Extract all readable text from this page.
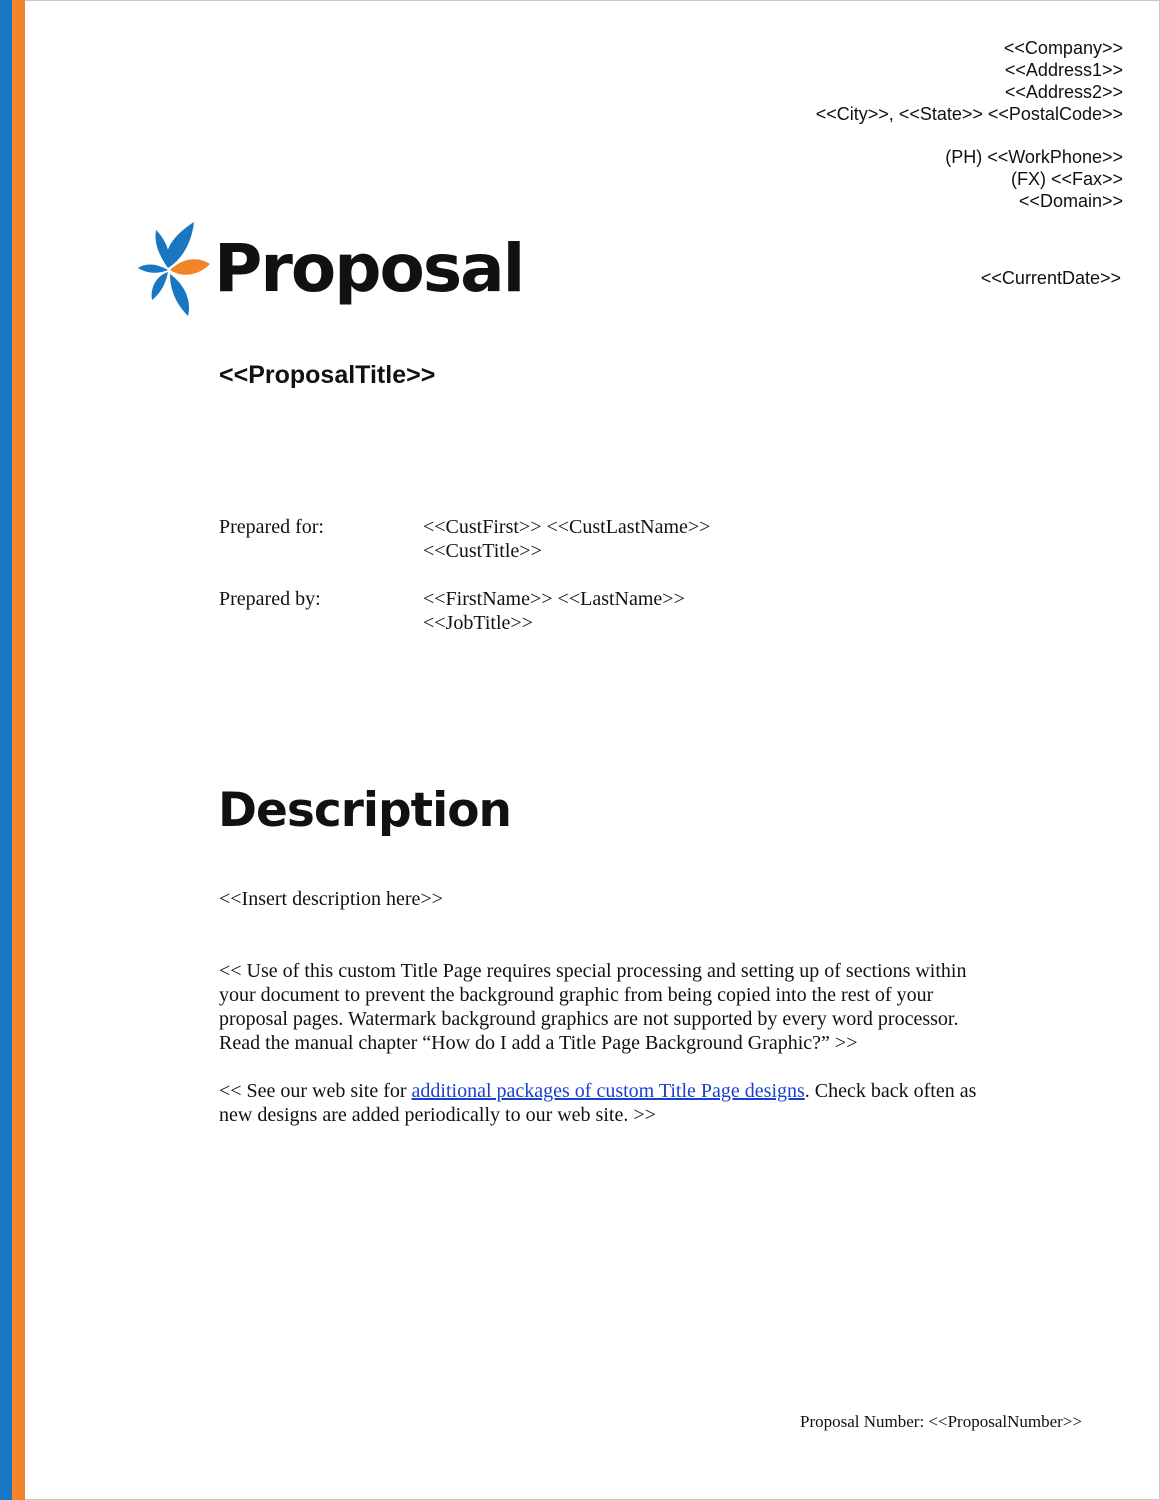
<<Company>>
<<Address1>>
<<Address2>>
<<City>>, <<State>> <<PostalCode>>
(PH) <<WorkPhone>>
(FX) <<Fax>>
<<Domain>>
Proposal	<<CurrentDate>>
<<ProposalTitle>>
Prepared for:	<<CustFirst>> <<CustLastName>>
<<CustTitle>>
Prepared by:	<<FirstName>> <<LastName>>
<<JobTitle>>
Description
<<Insert description here>>
<< Use of this custom Title Page requires special processing and setting up of sections within
your document to prevent the background graphic from being copied into the rest of your
proposal pages. Watermark background graphics are not supported by every word processor.
Read the manual chapter “How do I add a Title Page Background Graphic?” >>
<< See our web site for additional packages of custom Title Page designs. Check back often as
new designs are added periodically to our web site. >>
Proposal Number: <<ProposalNumber>>
